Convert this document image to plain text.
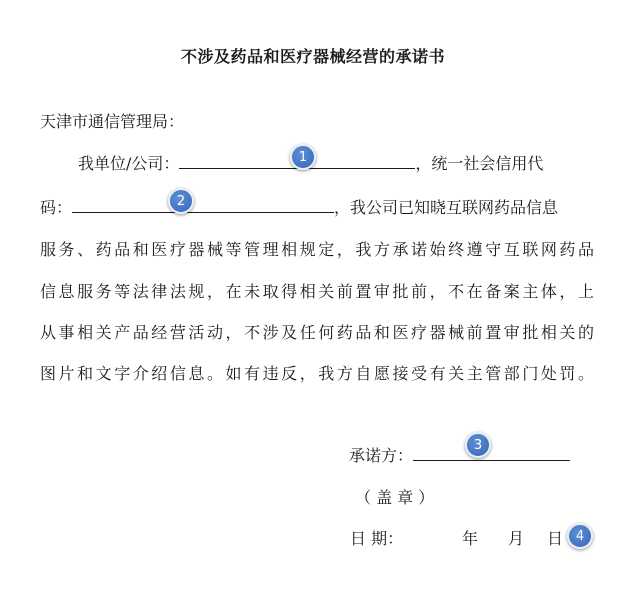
不涉及药品和医疗器械经营的承诺书
天津市通信管理局：
我单位/公司：	，统一社会信用代
码：	，我公司已知晓互联网药品信息
服务、药品和医疗器械等管理相规定，我方承诺始终遵守互联网药品
信息服务等法律法规，在未取得相关前置审批前，不在备案主体，上
从事相关产品经营活动，不涉及任何药品和医疗器械前置审批相关的
图片和文字介绍信息。如有违反，我方自愿接受有关主管部门处罚。
承诺方：
（ 盖 章 ）
日 期：	年 月 日
1
2
3
4
